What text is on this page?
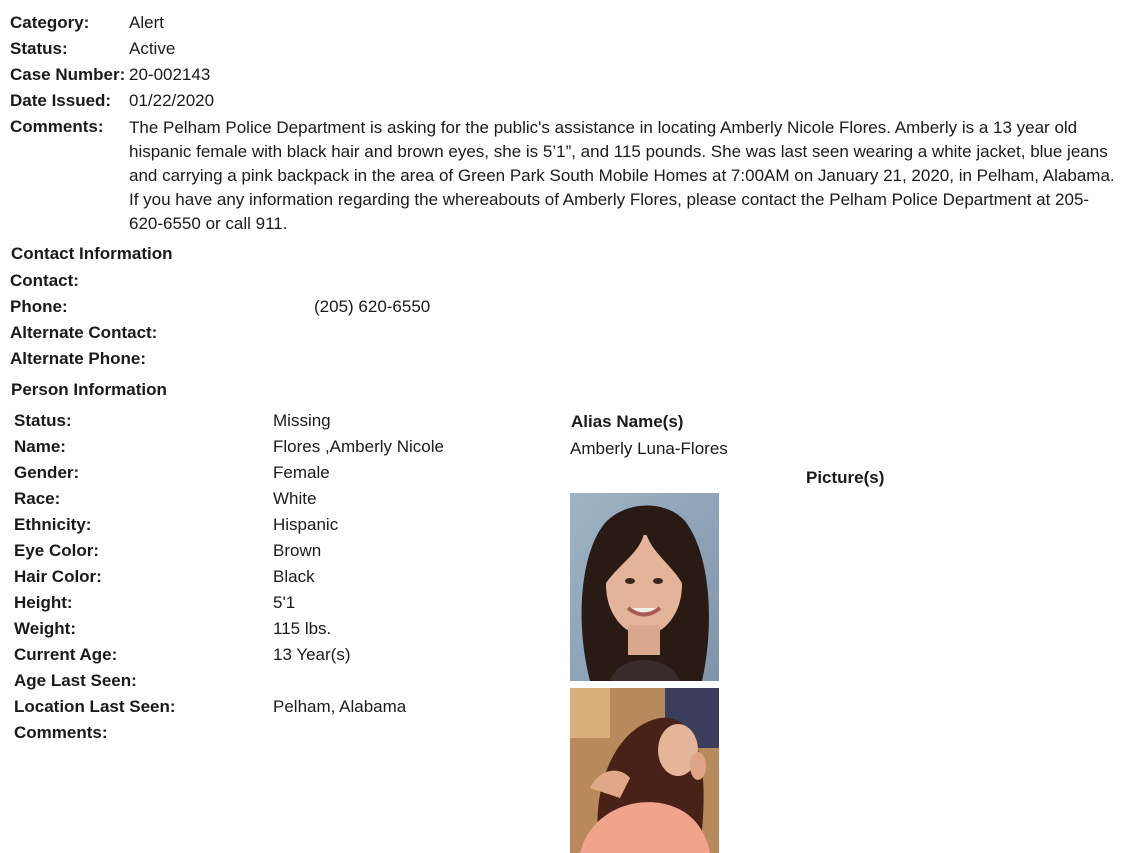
Category: Alert
Status:	Active
Case Number: 20-002143
Date Issued: 01/22/2020
Comments: The Pelham Police Department is asking for the public's assistance in locating Amberly Nicole Flores. Amberly is a 13 year old hispanic female with black hair and brown eyes, she is 5’1”, and 115 pounds. She was last seen wearing a white jacket, blue jeans and carrying a pink backpack in the area of Green Park South Mobile Homes at 7:00AM on January 21, 2020, in Pelham, Alabama. If you have any information regarding the whereabouts of Amberly Flores, please contact the Pelham Police Department at 205-620-6550 or call 911.
Contact Information
Contact:
Phone:	(205) 620-6550
Alternate Contact:
Alternate Phone:
Person Information
Status:	Missing
Name:	Flores ,Amberly Nicole
Gender:	Female
Race:	White
Ethnicity:	Hispanic
Eye Color:	Brown
Hair Color:	Black
Height:	5'1
Weight:	115 lbs.
Current Age:	13 Year(s)
Age Last Seen:
Location Last Seen:	Pelham, Alabama
Comments:
Alias Name(s)
Amberly Luna-Flores
Picture(s)
